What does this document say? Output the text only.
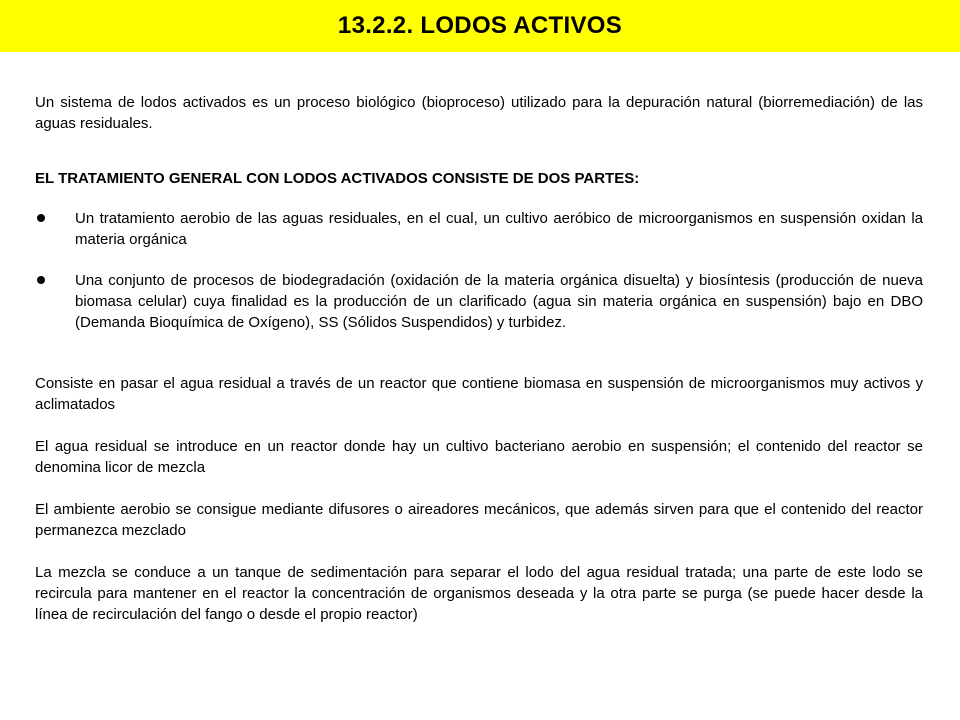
13.2.2. LODOS ACTIVOS

Un sistema de lodos activados es un proceso biológico (bioproceso) utilizado para la depuración natural (biorremediación) de las aguas residuales.

EL TRATAMIENTO GENERAL CON LODOS ACTIVADOS CONSISTE DE DOS PARTES:

Un tratamiento aerobio de las aguas residuales, en el cual, un cultivo aeróbico de microorganismos en suspensión oxidan la materia orgánica
Una conjunto de procesos de biodegradación (oxidación de la materia orgánica disuelta) y biosíntesis (producción de nueva biomasa celular) cuya finalidad es la producción de un clarificado (agua sin materia orgánica en suspensión) bajo en DBO (Demanda Bioquímica de Oxígeno), SS (Sólidos Suspendidos) y turbidez.

Consiste en pasar el agua residual a través de un reactor que contiene biomasa en suspensión de microorganismos muy activos y aclimatados

El agua residual se introduce en un reactor donde hay un cultivo bacteriano aerobio en suspensión; el contenido del reactor se denomina licor de mezcla

El ambiente aerobio se consigue mediante difusores o aireadores mecánicos, que además sirven para que el contenido del reactor permanezca mezclado

La mezcla se conduce a un tanque de sedimentación para separar el lodo del agua residual tratada; una parte de este lodo se recircula para mantener en el reactor la concentración de organismos deseada y la otra parte se purga (se puede hacer desde la línea de recirculación del fango o desde el propio reactor)
